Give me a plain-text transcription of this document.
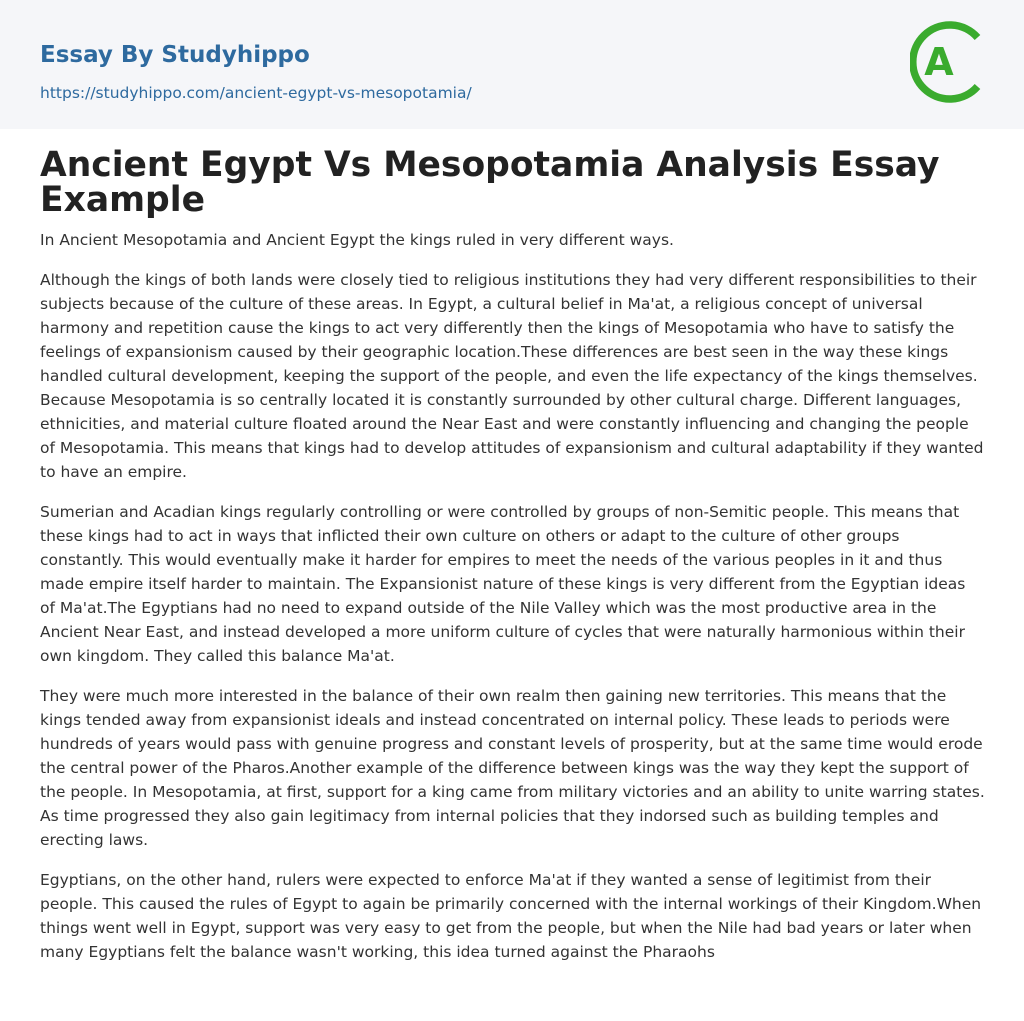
Essay By Studyhippo
https://studyhippo.com/ancient-egypt-vs-mesopotamia/
A
Ancient Egypt Vs Mesopotamia Analysis Essay Example

In Ancient Mesopotamia and Ancient Egypt the kings ruled in very different ways.

Although the kings of both lands were closely tied to religious institutions they had very different responsibilities to their subjects because of the culture of these areas. In Egypt, a cultural belief in Ma'at, a religious concept of universal harmony and repetition cause the kings to act very differently then the kings of Mesopotamia who have to satisfy the feelings of expansionism caused by their geographic location.These differences are best seen in the way these kings handled cultural development, keeping the support of the people, and even the life expectancy of the kings themselves. Because Mesopotamia is so centrally located it is constantly surrounded by other cultural charge. Different languages, ethnicities, and material culture floated around the Near East and were constantly influencing and changing the people of Mesopotamia. This means that kings had to develop attitudes of expansionism and cultural adaptability if they wanted to have an empire.

Sumerian and Acadian kings regularly controlling or were controlled by groups of non-Semitic people. This means that these kings had to act in ways that inflicted their own culture on others or adapt to the culture of other groups constantly. This would eventually make it harder for empires to meet the needs of the various peoples in it and thus made empire itself harder to maintain. The Expansionist nature of these kings is very different from the Egyptian ideas of Ma'at.The Egyptians had no need to expand outside of the Nile Valley which was the most productive area in the Ancient Near East, and instead developed a more uniform culture of cycles that were naturally harmonious within their own kingdom. They called this balance Ma'at.

They were much more interested in the balance of their own realm then gaining new territories. This means that the kings tended away from expansionist ideals and instead concentrated on internal policy. These leads to periods were hundreds of years would pass with genuine progress and constant levels of prosperity, but at the same time would erode the central power of the Pharos.Another example of the difference between kings was the way they kept the support of the people. In Mesopotamia, at first, support for a king came from military victories and an ability to unite warring states. As time progressed they also gain legitimacy from internal policies that they indorsed such as building temples and erecting laws.

Egyptians, on the other hand, rulers were expected to enforce Ma'at if they wanted a sense of legitimist from their people. This caused the rules of Egypt to again be primarily concerned with the internal workings of their Kingdom.When things went well in Egypt, support was very easy to get from the people, but when the Nile had bad years or later when many Egyptians felt the balance wasn't working, this idea turned against the Pharaohs
